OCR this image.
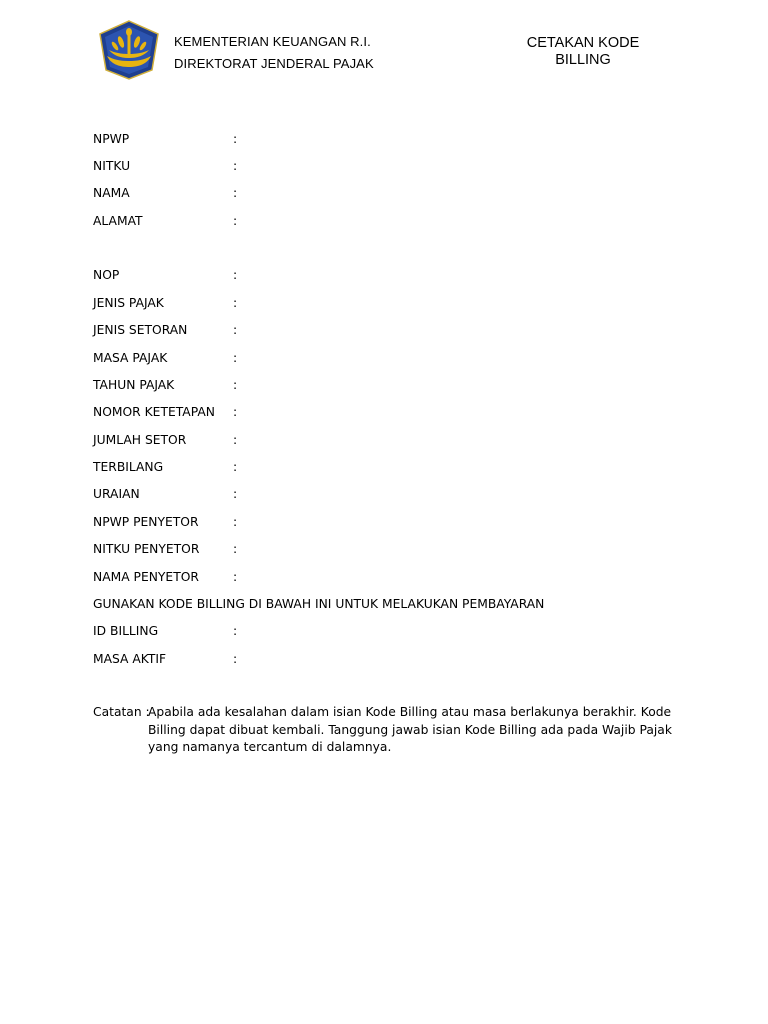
KEMENTERIAN KEUANGAN R.I.
DIREKTORAT JENDERAL PAJAK
CETAKAN KODE
BILLING
NPWP	:
NITKU	:
NAMA	:
ALAMAT	:
NOP	:
JENIS PAJAK	:
JENIS SETORAN	:
MASA PAJAK	:
TAHUN PAJAK	:
NOMOR KETETAPAN :
JUMLAH SETOR	:
TERBILANG	:
URAIAN	:
NPWP PENYETOR	:
NITKU PENYETOR	:
NAMA PENYETOR	:
GUNAKAN KODE BILLING DI BAWAH INI UNTUK MELAKUKAN PEMBAYARAN
ID BILLING	:
MASA AKTIF	:
Catatan :
Apabila ada kesalahan dalam isian Kode Billing atau masa berlakunya berakhir. Kode Billing dapat dibuat kembali. Tanggung jawab isian Kode Billing ada pada Wajib Pajak yang namanya tercantum di dalamnya.
